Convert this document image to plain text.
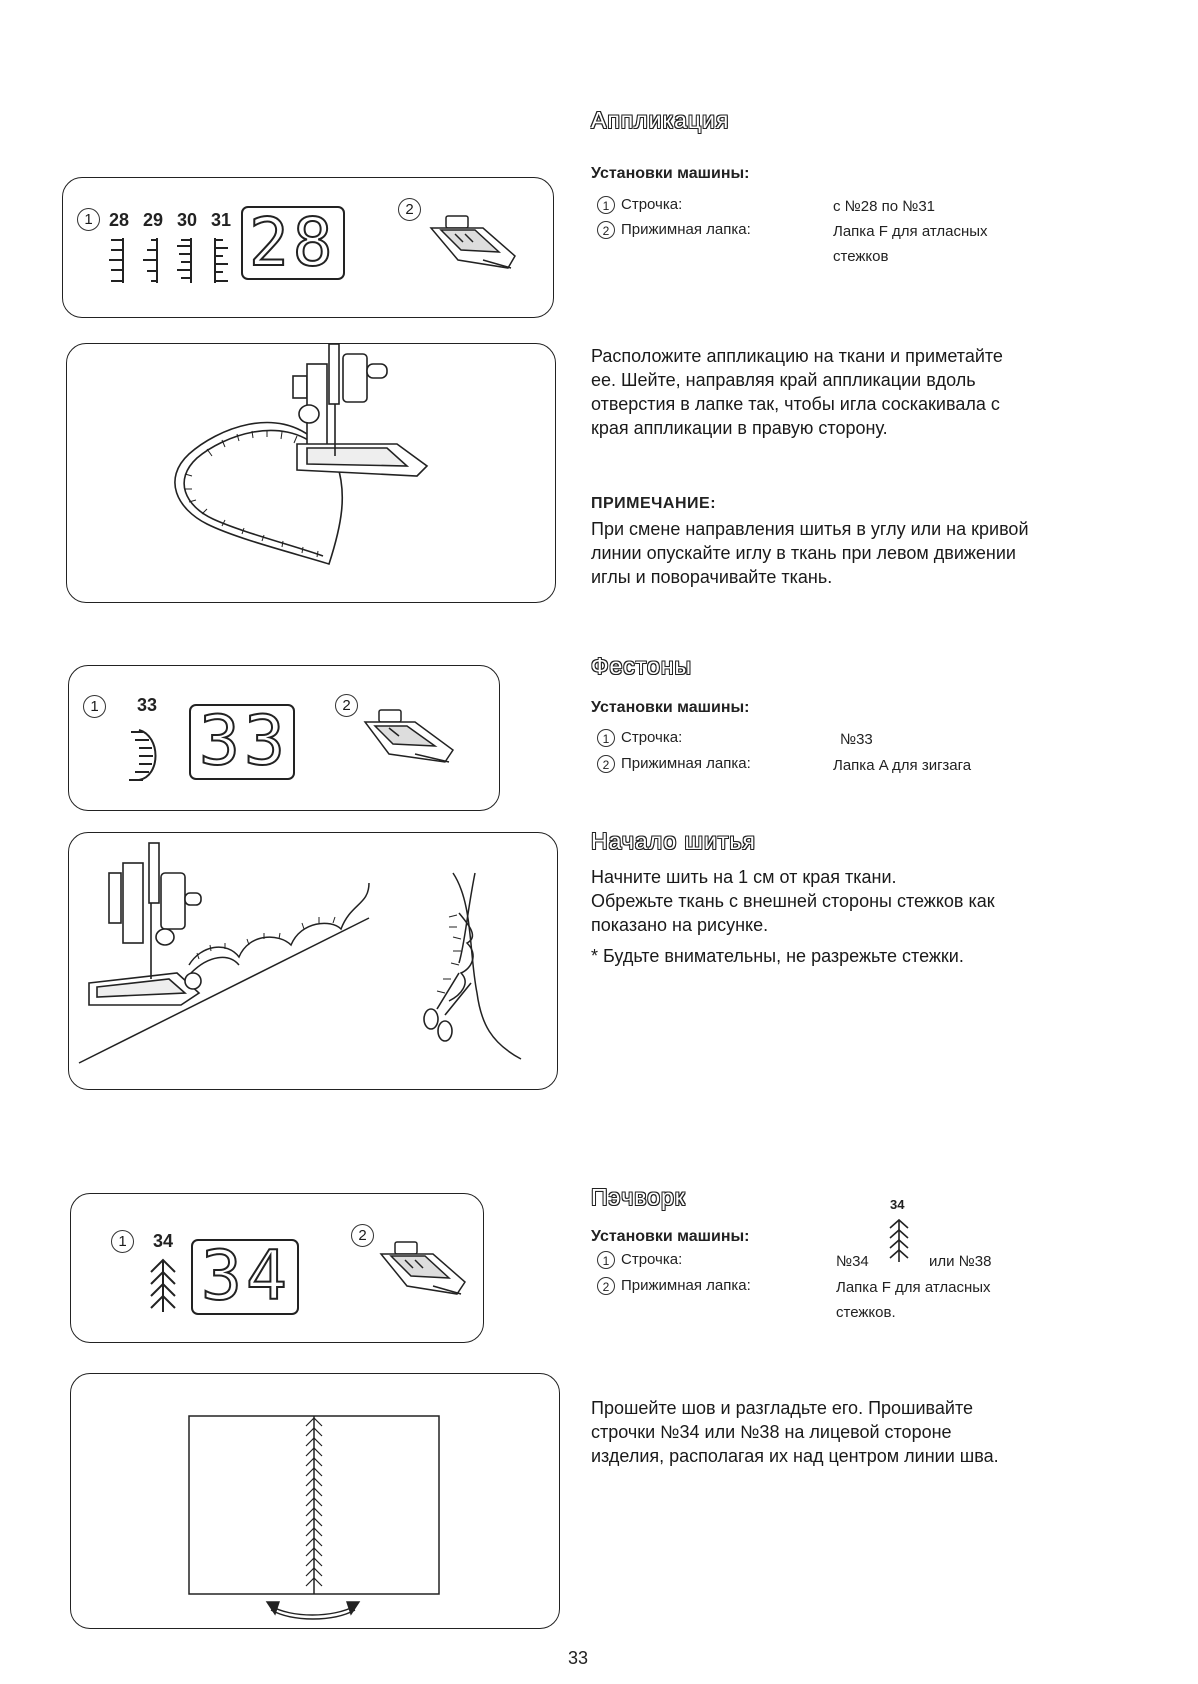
1 28 29 30 31 28	2
Аппликация
Установки машины:
1 Строчка:	с №28 по №31
2 Прижимная лапка:	Лапка F для атласных
стежков
Расположите аппликацию на ткани и приметайте
ее. Шейте, направляя край аппликации вдоль
отверстия в лапке так, чтобы игла соскакивала с
края аппликации в правую сторону.
ПРИМЕЧАНИЕ:
При смене направления шитья в углу или на кривой
линии опускайте иглу в ткань при левом движении
иглы и поворачивайте ткань.
1	33 33	2
Фестоны
Установки машины:
1 Строчка:	№33
2 Прижимная лапка:	Лапка A для зигзага
Начало шитья
Начните шить на 1 см от края ткани.
Обрежьте ткань с внешней стороны стежков как
показано на рисунке.
* Будьте внимательны, не разрежьте стежки.
1	34 34
2
Пэчворк	34
Установки машины:
1 Строчка:	№34	или №38
2 Прижимная лапка:	Лапка F для атласных
стежков.
Прошейте шов и разгладьте его. Прошивайте
строчки №34 или №38 на лицевой стороне
изделия, располагая их над центром линии шва.
33
